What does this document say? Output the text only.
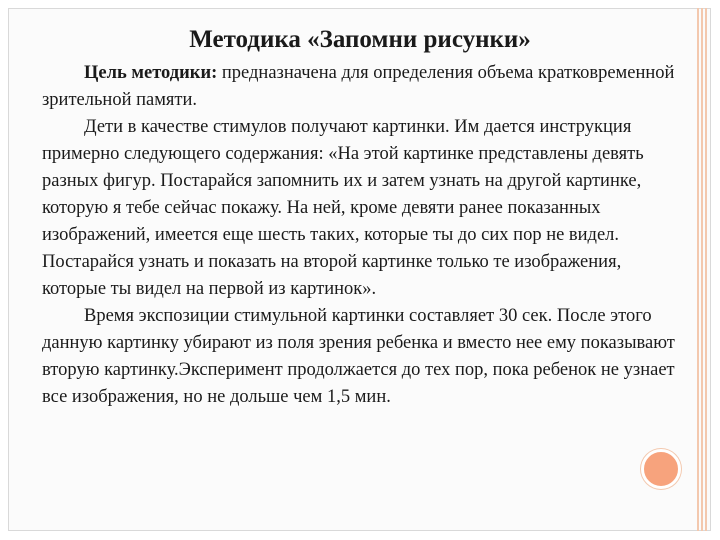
Методика «Запомни рисунки»

Цель методики: предназначена для определения объема кратковременной зрительной памяти.

Дети в качестве стимулов получают картинки. Им дается инструкция примерно следующего содержания: «На этой картинке представлены девять разных фигур. Постарайся запомнить их и затем узнать на другой картинке, которую я тебе сейчас покажу. На ней, кроме девяти ранее показанных изображений, имеется еще шесть таких, которые ты до сих пор не видел. Постарайся узнать и показать на второй картинке только те изображения, которые ты видел на первой из картинок».

Время экспозиции стимульной картинки составляет 30 сек. После этого данную картинку убирают из поля зрения ребенка и вместо нее ему показывают вторую картинку.Эксперимент продолжается до тех пор, пока ребенок не узнает все изображения, но не дольше чем 1,5 мин.
